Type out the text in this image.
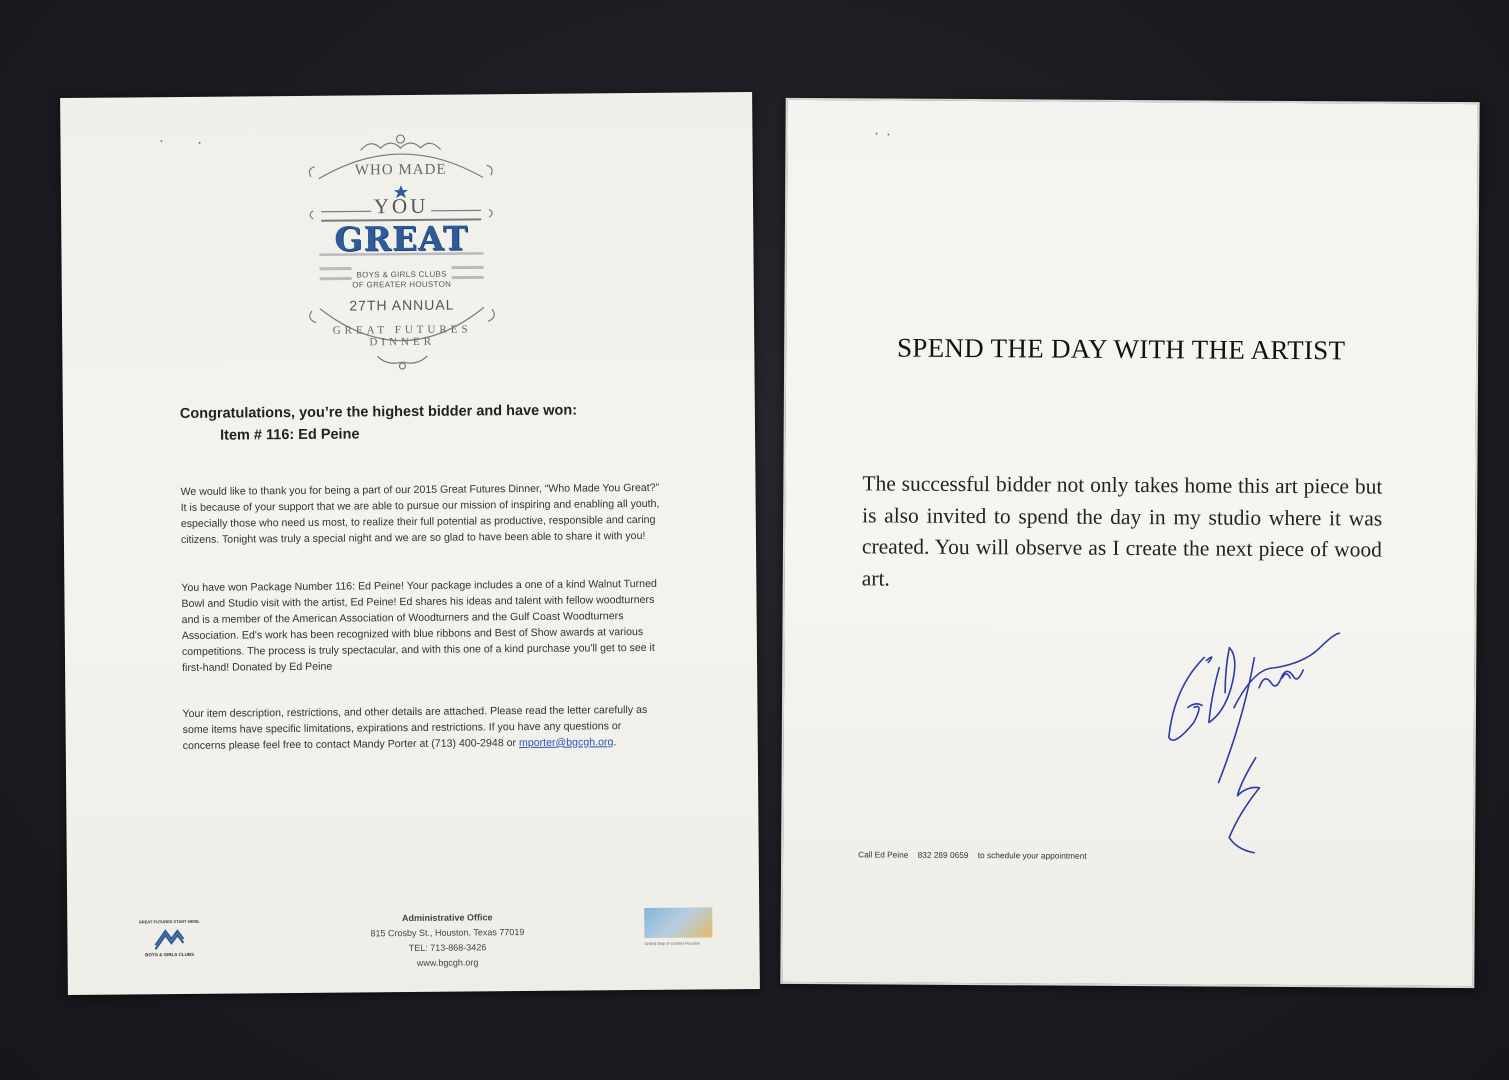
WHO MADE
YOU
GREAT
BOYS & GIRLS CLUBS
OF GREATER HOUSTON
27TH ANNUAL
GREAT FUTURES DINNER
Congratulations, you’re the highest bidder and have won:
Item # 116: Ed Peine
We would like to thank you for being a part of our 2015 Great Futures Dinner, “Who Made You Great?” It is because of your support that we are able to pursue our mission of inspiring and enabling all youth, especially those who need us most, to realize their full potential as productive, responsible and caring citizens. Tonight was truly a special night and we are so glad to have been able to share it with you!
You have won Package Number 116: Ed Peine! Your package includes a one of a kind Walnut Turned Bowl and Studio visit with the artist, Ed Peine! Ed shares his ideas and talent with fellow woodturners and is a member of the American Association of Woodturners and the Gulf Coast Woodturners Association. Ed's work has been recognized with blue ribbons and Best of Show awards at various competitions. The process is truly spectacular, and with this one of a kind purchase you'll get to see it first-hand! Donated by Ed Peine
Your item description, restrictions, and other details are attached. Please read the letter carefully as some items have specific limitations, expirations and restrictions. If you have any questions or concerns please feel free to contact Mandy Porter at (713) 400-2948 or mporter@bgcgh.org.
GREAT FUTURES START HERE.
BOYS & GIRLS CLUBS
Administrative Office
815 Crosby St., Houston, Texas 77019
TEL: 713-868-3426
www.bgcgh.org
United Way of Greater Houston
SPEND THE DAY WITH THE ARTIST
The successful bidder not only takes home this art piece but is also invited to spend the day in my studio where it was created. You will observe as I create the next piece of wood art.
Call Ed Peine 832 289 0659 to schedule your appointment
